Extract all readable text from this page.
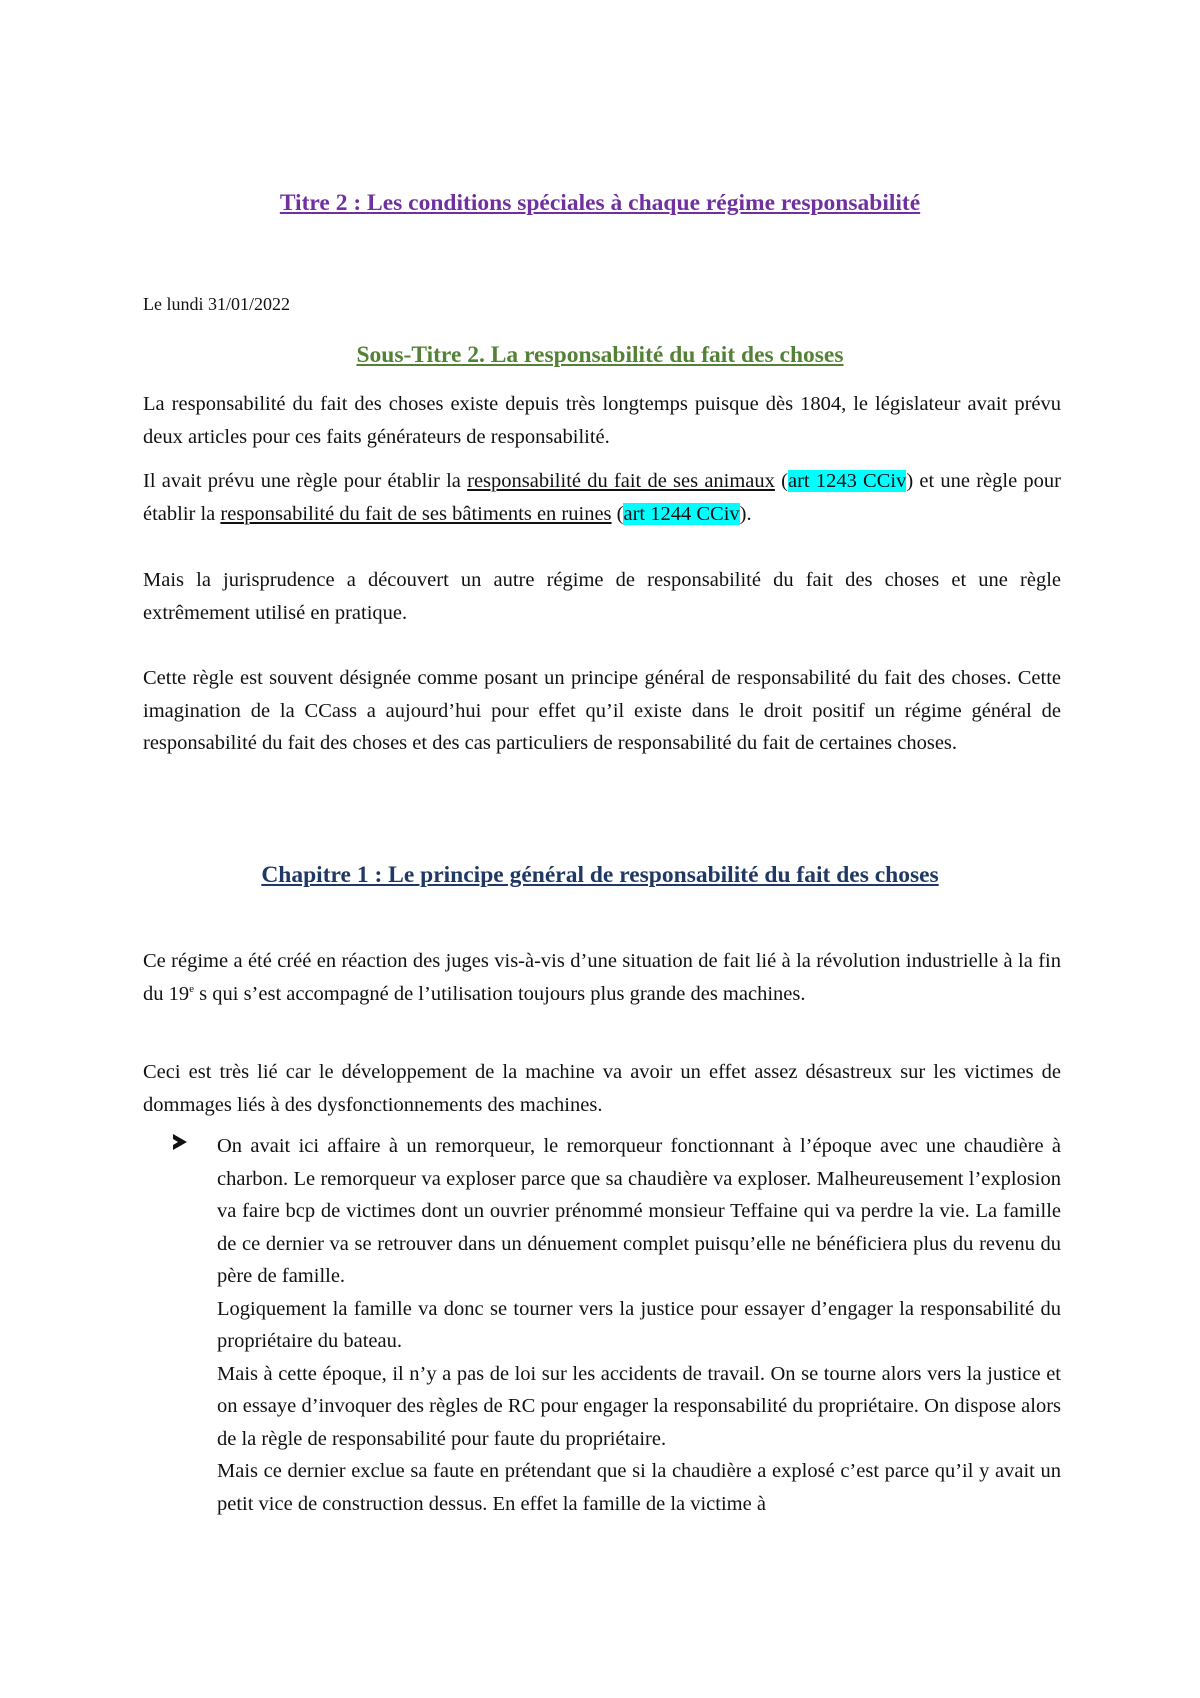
Titre 2 : Les conditions spéciales à chaque régime responsabilité

Le lundi 31/01/2022

Sous-Titre 2. La responsabilité du fait des choses

La responsabilité du fait des choses existe depuis très longtemps puisque dès 1804, le législateur avait prévu deux articles pour ces faits générateurs de responsabilité.

Il avait prévu une règle pour établir la responsabilité du fait de ses animaux (art 1243 CCiv) et une règle pour établir la responsabilité du fait de ses bâtiments en ruines (art 1244 CCiv).

Mais la jurisprudence a découvert un autre régime de responsabilité du fait des choses et une règle extrêmement utilisé en pratique.

Cette règle est souvent désignée comme posant un principe général de responsabilité du fait des choses. Cette imagination de la CCass a aujourd’hui pour effet qu’il existe dans le droit positif un régime général de responsabilité du fait des choses et des cas particuliers de responsabilité du fait de certaines choses.

Chapitre 1 : Le principe général de responsabilité du fait des choses

Ce régime a été créé en réaction des juges vis-à-vis d’une situation de fait lié à la révolution industrielle à la fin du 19e s qui s’est accompagné de l’utilisation toujours plus grande des machines.

Ceci est très lié car le développement de la machine va avoir un effet assez désastreux sur les victimes de dommages liés à des dysfonctionnements des machines.

On avait ici affaire à un remorqueur, le remorqueur fonctionnant à l’époque avec une chaudière à charbon. Le remorqueur va exploser parce que sa chaudière va exploser. Malheureusement l’explosion va faire bcp de victimes dont un ouvrier prénommé monsieur Teffaine qui va perdre la vie. La famille de ce dernier va se retrouver dans un dénuement complet puisqu’elle ne bénéficiera plus du revenu du père de famille.

Logiquement la famille va donc se tourner vers la justice pour essayer d’engager la responsabilité du propriétaire du bateau.

Mais à cette époque, il n’y a pas de loi sur les accidents de travail. On se tourne alors vers la justice et on essaye d’invoquer des règles de RC pour engager la responsabilité du propriétaire. On dispose alors de la règle de responsabilité pour faute du propriétaire.

Mais ce dernier exclue sa faute en prétendant que si la chaudière a explosé c’est parce qu’il y avait un petit vice de construction dessus. En effet la famille de la victime à
